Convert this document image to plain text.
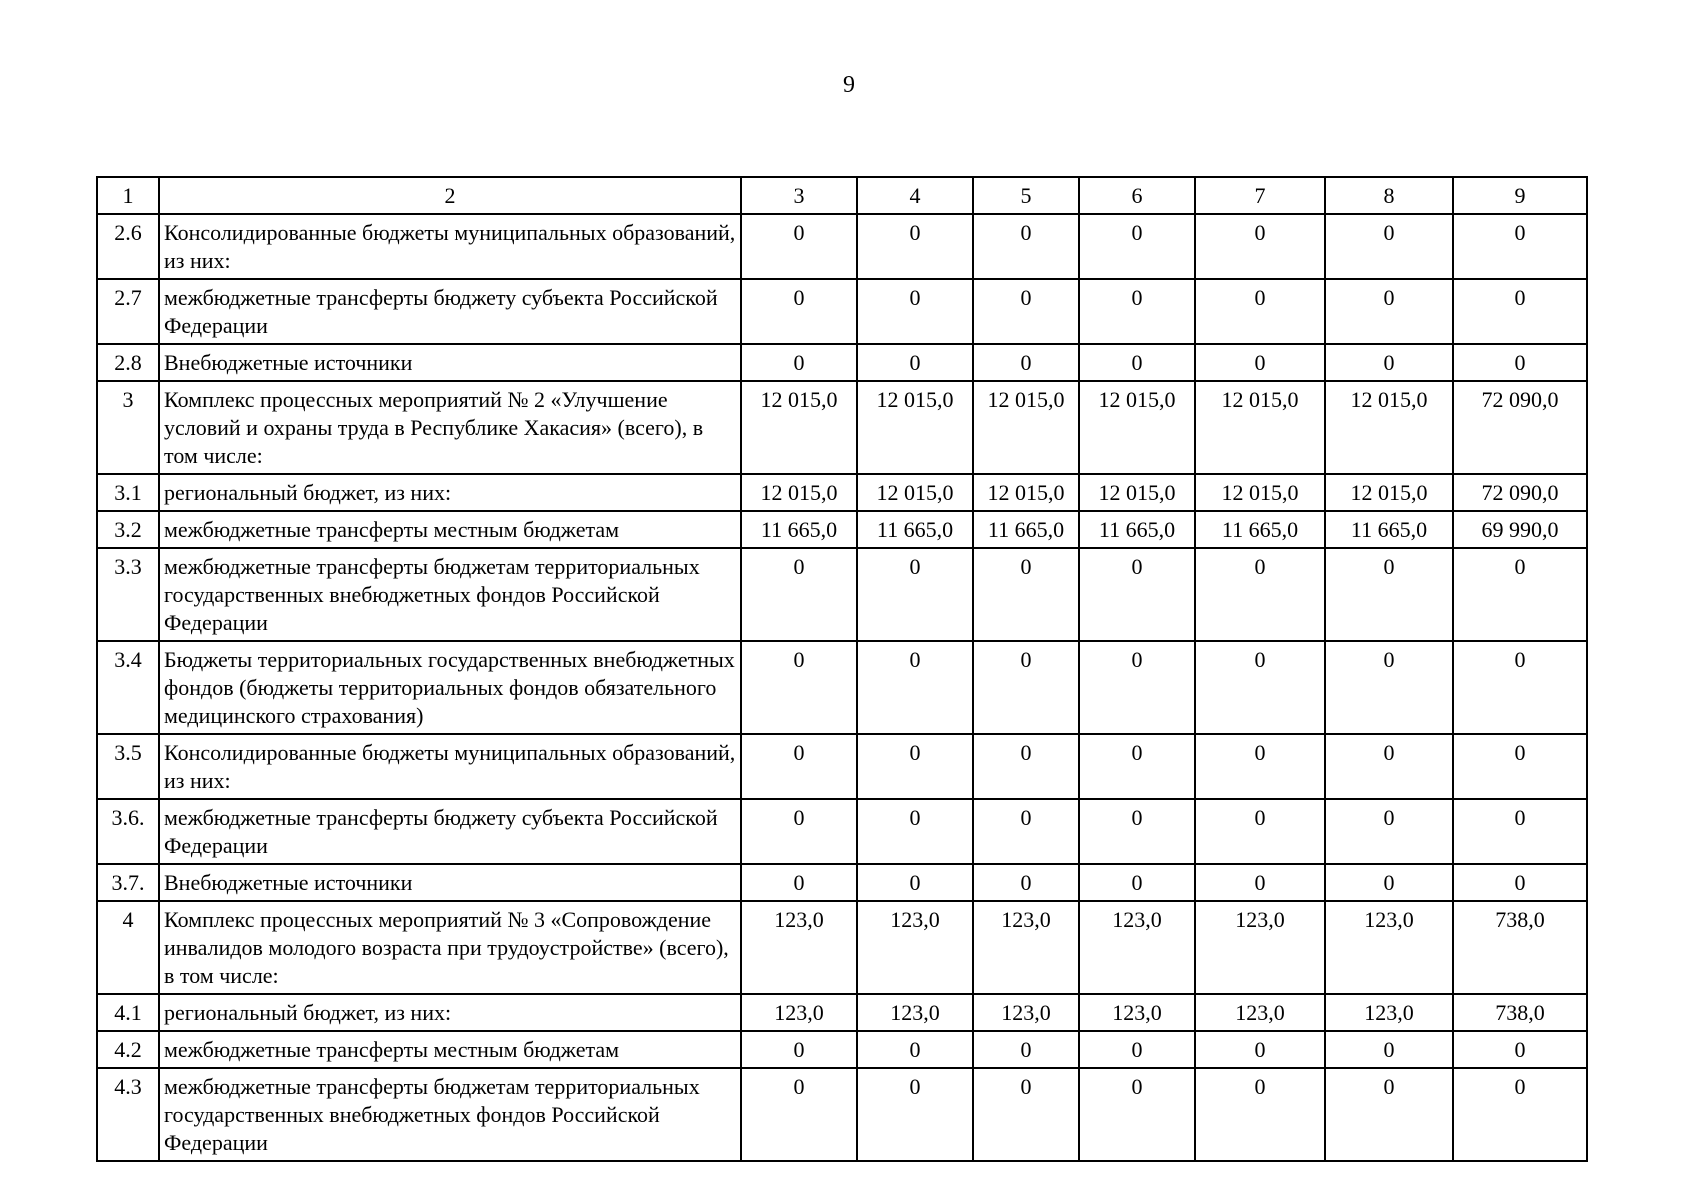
9
1	2	3	4	5	6	7	8	9
2.6	Консолидированные бюджеты муниципальных образований, из них:	0	0	0	0	0	0	0
2.7	межбюджетные трансферты бюджету субъекта Российской Федерации	0	0	0	0	0	0	0
2.8	Внебюджетные источники	0	0	0	0	0	0	0
3	Комплекс процессных мероприятий № 2 «Улучшение условий и охраны труда в Республике Хакасия» (всего), в том числе:	12 015,0	12 015,0	12 015,0	12 015,0	12 015,0	12 015,0	72 090,0
3.1	региональный бюджет, из них:	12 015,0	12 015,0	12 015,0	12 015,0	12 015,0	12 015,0	72 090,0
3.2	межбюджетные трансферты местным бюджетам	11 665,0	11 665,0	11 665,0	11 665,0	11 665,0	11 665,0	69 990,0
3.3	межбюджетные трансферты бюджетам территориальных государственных внебюджетных фондов Российской Федерации	0	0	0	0	0	0	0
3.4	Бюджеты территориальных государственных внебюджетных фондов (бюджеты территориальных фондов обязательного медицинского страхования)	0	0	0	0	0	0	0
3.5	Консолидированные бюджеты муниципальных образований, из них:	0	0	0	0	0	0	0
3.6.	межбюджетные трансферты бюджету субъекта Российской Федерации	0	0	0	0	0	0	0
3.7.	Внебюджетные источники	0	0	0	0	0	0	0
4	Комплекс процессных мероприятий № 3 «Сопровождение инвалидов молодого возраста при трудоустройстве» (всего), в том числе:	123,0	123,0	123,0	123,0	123,0	123,0	738,0
4.1	региональный бюджет, из них:	123,0	123,0	123,0	123,0	123,0	123,0	738,0
4.2	межбюджетные трансферты местным бюджетам	0	0	0	0	0	0	0
4.3	межбюджетные трансферты бюджетам территориальных государственных внебюджетных фондов Российской Федерации	0	0	0	0	0	0	0
